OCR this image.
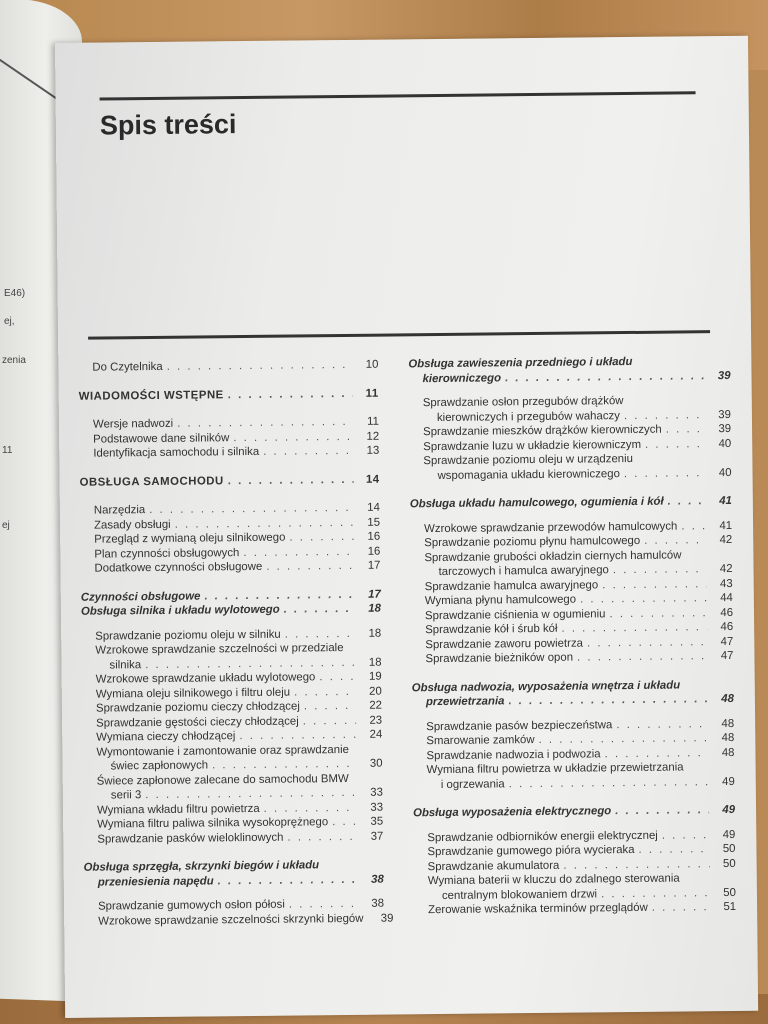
E46)
ej,
zenia
11
ej
Spis treści
Do Czytelnika . . .	10
WIADOMOŚCI WSTĘPNE . . .	11
Wersje nadwozi . . .	11
Podstawowe dane silników . . .	12
Identyfikacja samochodu i silnika . . .	13
OBSŁUGA SAMOCHODU . . .	14
Narzędzia . . .	14
Zasady obsługi . . .	15
Przegląd z wymianą oleju silnikowego . . .	16
Plan czynności obsługowych . . .	16
Dodatkowe czynności obsługowe . . .	17
Czynności obsługowe . . .	17
Obsługa silnika i układu wylotowego . . .	18
Sprawdzanie poziomu oleju w silniku . . .	18
Wzrokowe sprawdzanie szczelności w przedziale
silnika . . .	18
Wzrokowe sprawdzanie układu wylotowego . . .	19
Wymiana oleju silnikowego i filtru oleju . . .	20
Sprawdzanie poziomu cieczy chłodzącej . . .	22
Sprawdzanie gęstości cieczy chłodzącej . . .	23
Wymiana cieczy chłodzącej . . .	24
Wymontowanie i zamontowanie oraz sprawdzanie
świec zapłonowych . . .	30
Świece zapłonowe zalecane do samochodu BMW
serii 3 . . .	33
Wymiana wkładu filtru powietrza . . .	33
Wymiana filtru paliwa silnika wysokoprężnego . . .	35
Sprawdzanie pasków wieloklinowych . . .	37
Obsługa sprzęgła, skrzynki biegów i układu
przeniesienia napędu . . .	38
Sprawdzanie gumowych osłon półosi . . .	38
Wzrokowe sprawdzanie szczelności skrzynki biegów	39
Obsługa zawieszenia przedniego i układu
kierowniczego . . .	39
Sprawdzanie osłon przegubów drążków
kierowniczych i przegubów wahaczy . . .	39
Sprawdzanie mieszków drążków kierowniczych . . .	39
Sprawdzanie luzu w układzie kierowniczym . . .	40
Sprawdzanie poziomu oleju w urządzeniu
wspomagania układu kierowniczego . . .	40
Obsługa układu hamulcowego, ogumienia i kół . . .	41
Wzrokowe sprawdzanie przewodów hamulcowych . . .	41
Sprawdzanie poziomu płynu hamulcowego . . .	42
Sprawdzanie grubości okładzin ciernych hamulców
tarczowych i hamulca awaryjnego . . .	42
Sprawdzanie hamulca awaryjnego . . .	43
Wymiana płynu hamulcowego . . .	44
Sprawdzanie ciśnienia w ogumieniu . . .	46
Sprawdzanie kół i śrub kół . . .	46
Sprawdzanie zaworu powietrza . . .	47
Sprawdzanie bieżników opon . . .	47
Obsługa nadwozia, wyposażenia wnętrza i układu
przewietrzania . . .	48
Sprawdzanie pasów bezpieczeństwa . . .	48
Smarowanie zamków . . .	48
Sprawdzanie nadwozia i podwozia . . .	48
Wymiana filtru powietrza w układzie przewietrzania
i ogrzewania . . .	49
Obsługa wyposażenia elektrycznego . . .	49
Sprawdzanie odbiorników energii elektrycznej . . .	49
Sprawdzanie gumowego pióra wycieraka . . .	50
Sprawdzanie akumulatora . . .	50
Wymiana baterii w kluczu do zdalnego sterowania
centralnym blokowaniem drzwi . . .	50
Zerowanie wskaźnika terminów przeglądów . . .	51
